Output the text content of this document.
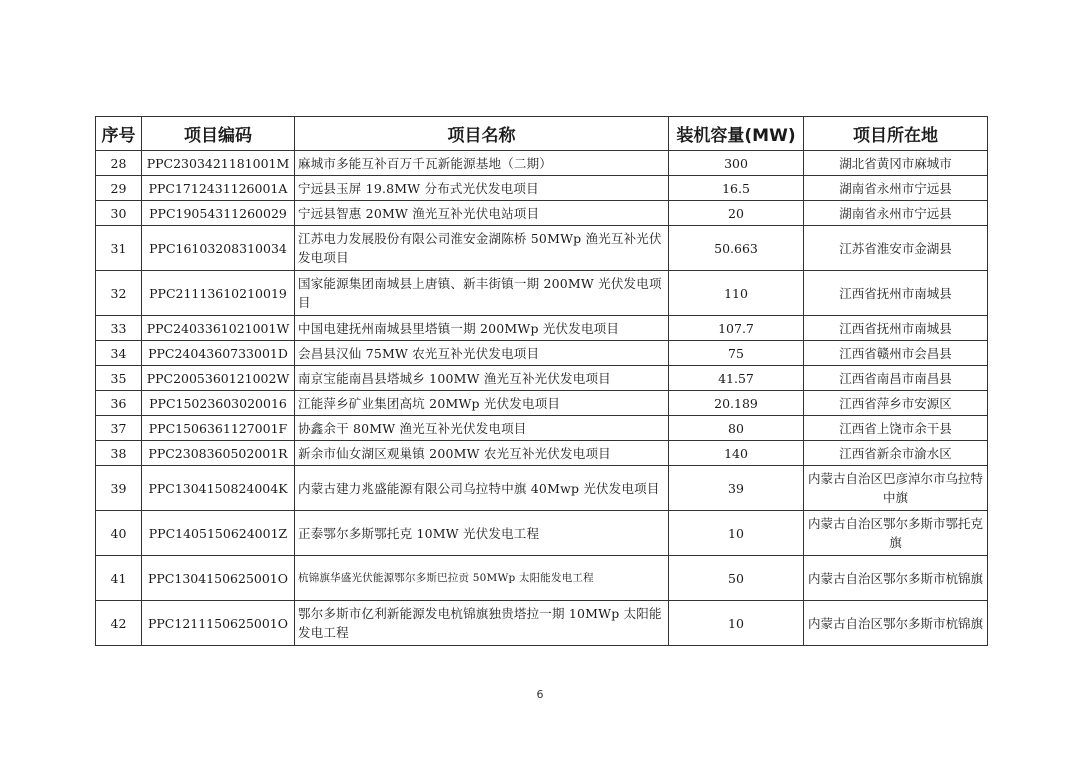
序号	项目编码	项目名称	装机容量(MW)	项目所在地
28	PPC2303421181001M	麻城市多能互补百万千瓦新能源基地（二期）	300	湖北省黄冈市麻城市
29	PPC1712431126001A	宁远县玉屏 19.8MW 分布式光伏发电项目	16.5	湖南省永州市宁远县
30	PPC19054311260029	宁远县智惠 20MW 渔光互补光伏电站项目	20	湖南省永州市宁远县
31	PPC16103208310034	江苏电力发展股份有限公司淮安金湖陈桥 50MWp 渔光互补光伏发电项目	50.663	江苏省淮安市金湖县
32	PPC21113610210019	国家能源集团南城县上唐镇、新丰街镇一期 200MW 光伏发电项目	110	江西省抚州市南城县
33	PPC2403361021001W	中国电建抚州南城县里塔镇一期 200MWp 光伏发电项目	107.7	江西省抚州市南城县
34	PPC2404360733001D	会昌县汉仙 75MW 农光互补光伏发电项目	75	江西省赣州市会昌县
35	PPC2005360121002W	南京宝能南昌县塔城乡 100MW 渔光互补光伏发电项目	41.57	江西省南昌市南昌县
36	PPC15023603020016	江能萍乡矿业集团高坑 20MWp 光伏发电项目	20.189	江西省萍乡市安源区
37	PPC1506361127001F	协鑫余干 80MW 渔光互补光伏发电项目	80	江西省上饶市余干县
38	PPC2308360502001R	新余市仙女湖区观巢镇 200MW 农光互补光伏发电项目	140	江西省新余市渝水区
39	PPC1304150824004K	内蒙古建力兆盛能源有限公司乌拉特中旗 40Mwp 光伏发电项目	39	内蒙古自治区巴彦淖尔市乌拉特中旗
40	PPC1405150624001Z	正泰鄂尔多斯鄂托克 10MW 光伏发电工程	10	内蒙古自治区鄂尔多斯市鄂托克旗
41	PPC1304150625001O	杭锦旗华盛光伏能源鄂尔多斯巴拉贡 50MWp 太阳能发电工程	50	内蒙古自治区鄂尔多斯市杭锦旗
42	PPC1211150625001O	鄂尔多斯市亿利新能源发电杭锦旗独贵塔拉一期 10MWp 太阳能发电工程	10	内蒙古自治区鄂尔多斯市杭锦旗
6
